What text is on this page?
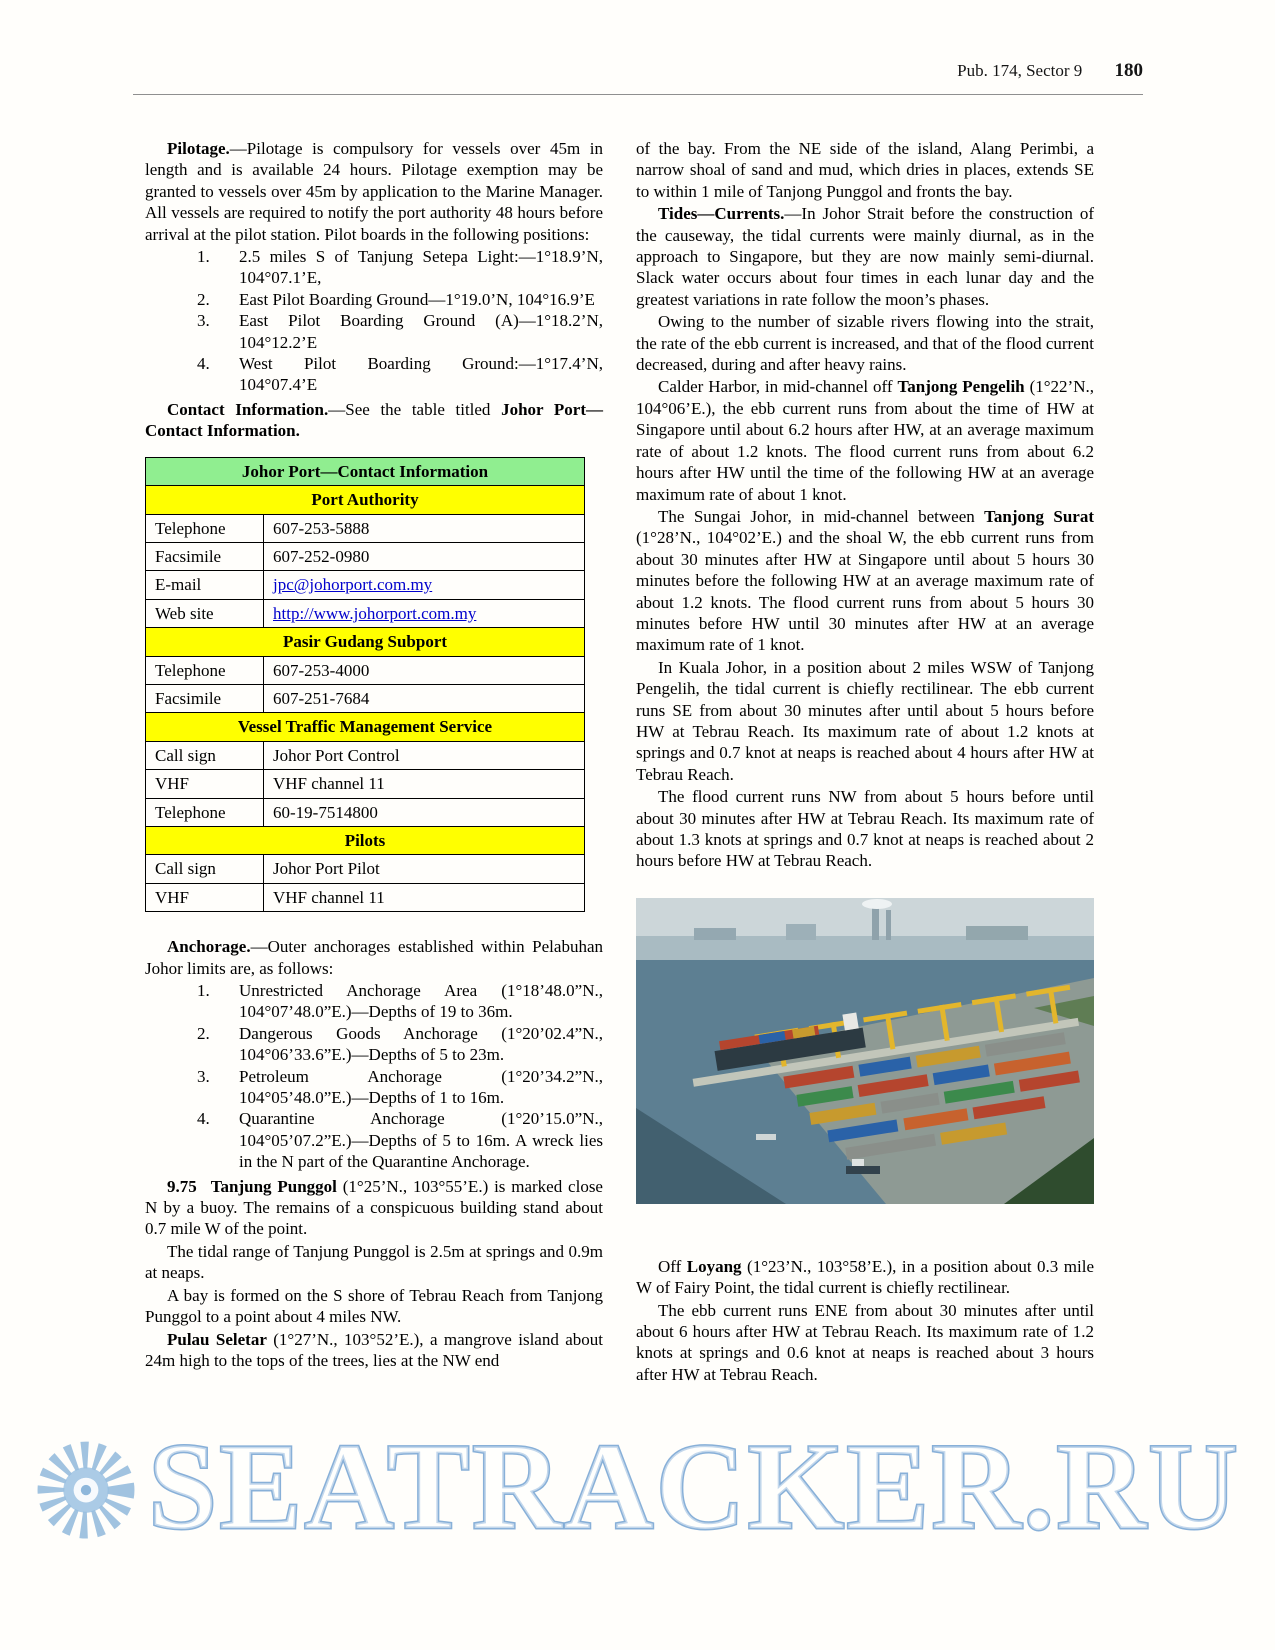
Pub. 174, Sector 9 180

Pilotage.—Pilotage is compulsory for vessels over 45m in length and is available 24 hours. Pilotage exemption may be granted to vessels over 45m by application to the Marine Manager. All vessels are required to notify the port authority 48 hours before arrival at the pilot station. Pilot boards in the following positions:

1.	2.5 miles S of Tanjung Setepa Light:—1°18.9’N, 104°07.1’E,
2.	East Pilot Boarding Ground—1°19.0’N, 104°16.9’E
3.	East Pilot Boarding Ground (A)—1°18.2’N, 104°12.2’E
4.	West Pilot Boarding Ground:—1°17.4’N, 104°07.4’E

Contact Information.—See the table titled Johor Port—Contact Information.

Johor Port—Contact Information	
Port Authority	
Telephone	607-253-5888
Facsimile	607-252-0980
E-mail	jpc@johorport.com.my
Web site	http://www.johorport.com.my
Pasir Gudang Subport	
Telephone	607-253-4000
Facsimile	607-251-7684
Vessel Traffic Management Service	
Call sign	Johor Port Control
VHF	VHF channel 11
Telephone	60-19-7514800
Pilots	
Call sign	Johor Port Pilot
VHF	VHF channel 11

Anchorage.—Outer anchorages established within Pelabuhan Johor limits are, as follows:

1.	Unrestricted Anchorage Area (1°18’48.0”N., 104°07’48.0”E.)—Depths of 19 to 36m.
2.	Dangerous Goods Anchorage (1°20’02.4”N., 104°06’33.6”E.)—Depths of 5 to 23m.
3.	Petroleum Anchorage (1°20’34.2”N., 104°05’48.0”E.)—Depths of 1 to 16m.
4.	Quarantine Anchorage (1°20’15.0”N., 104°05’07.2”E.)—Depths of 5 to 16m. A wreck lies in the N part of the Quarantine Anchorage.

9.75 Tanjung Punggol (1°25’N., 103°55’E.) is marked close N by a buoy. The remains of a conspicuous building stand about 0.7 mile W of the point.

The tidal range of Tanjung Punggol is 2.5m at springs and 0.9m at neaps.

A bay is formed on the S shore of Tebrau Reach from Tanjong Punggol to a point about 4 miles NW.

Pulau Seletar (1°27’N., 103°52’E.), a mangrove island about 24m high to the tops of the trees, lies at the NW end

of the bay. From the NE side of the island, Alang Perimbi, a narrow shoal of sand and mud, which dries in places, extends SE to within 1 mile of Tanjong Punggol and fronts the bay.

Tides—Currents.—In Johor Strait before the construction of the causeway, the tidal currents were mainly diurnal, as in the approach to Singapore, but they are now mainly semi-diurnal. Slack water occurs about four times in each lunar day and the greatest variations in rate follow the moon’s phases.

Owing to the number of sizable rivers flowing into the strait, the rate of the ebb current is increased, and that of the flood current decreased, during and after heavy rains.

Calder Harbor, in mid-channel off Tanjong Pengelih (1°22’N., 104°06’E.), the ebb current runs from about the time of HW at Singapore until about 6.2 hours after HW, at an average maximum rate of about 1.2 knots. The flood current runs from about 6.2 hours after HW until the time of the following HW at an average maximum rate of about 1 knot.

The Sungai Johor, in mid-channel between Tanjong Surat (1°28’N., 104°02’E.) and the shoal W, the ebb current runs from about 30 minutes after HW at Singapore until about 5 hours 30 minutes before the following HW at an average maximum rate of about 1.2 knots. The flood current runs from about 5 hours 30 minutes before HW until 30 minutes after HW at an average maximum rate of 1 knot.

In Kuala Johor, in a position about 2 miles WSW of Tanjong Pengelih, the tidal current is chiefly rectilinear. The ebb current runs SE from about 30 minutes after until about 5 hours before HW at Tebrau Reach. Its maximum rate of about 1.2 knots at springs and 0.7 knot at neaps is reached about 4 hours after HW at Tebrau Reach.

The flood current runs NW from about 5 hours before until about 30 minutes after HW at Tebrau Reach. Its maximum rate of about 1.3 knots at springs and 0.7 knot at neaps is reached about 2 hours before HW at Tebrau Reach.

Off Loyang (1°23’N., 103°58’E.), in a position about 0.3 mile W of Fairy Point, the tidal current is chiefly rectilinear.

The ebb current runs ENE from about 30 minutes after until about 6 hours after HW at Tebrau Reach. Its maximum rate of 1.2 knots at springs and 0.6 knot at neaps is reached about 3 hours after HW at Tebrau Reach.

SEATRACKER.RU
